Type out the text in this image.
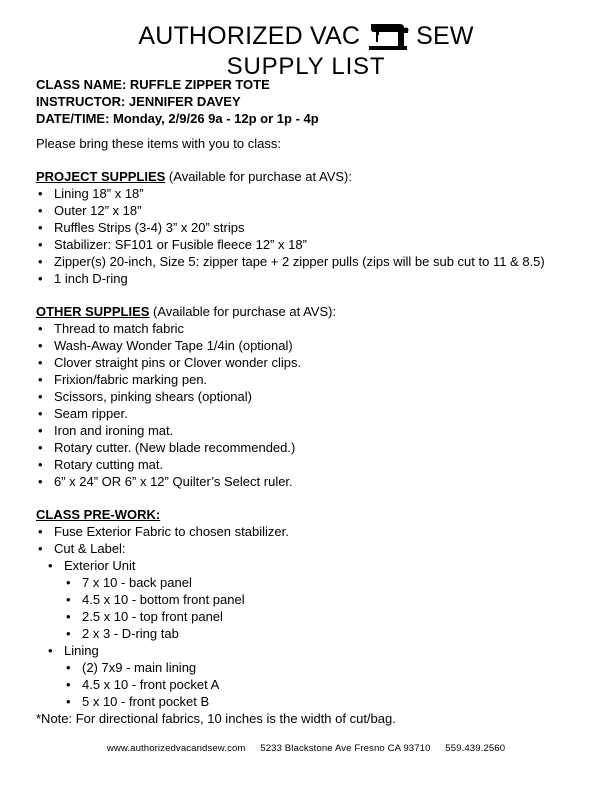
AUTHORIZED VAC SEW
SUPPLY LIST
CLASS NAME: RUFFLE ZIPPER TOTE
INSTRUCTOR: JENNIFER DAVEY
DATE/TIME: Monday, 2/9/26 9a - 12p or 1p - 4p
Please bring these items with you to class:
PROJECT SUPPLIES (Available for purchase at AVS):
• Lining 18” x 18”
• Outer 12” x 18”
• Ruffles Strips (3-4) 3” x 20” strips
• Stabilizer: SF101 or Fusible fleece 12” x 18”
• Zipper(s) 20-inch, Size 5: zipper tape + 2 zipper pulls (zips will be sub cut to 11 & 8.5)
• 1 inch D-ring
OTHER SUPPLIES (Available for purchase at AVS):
• Thread to match fabric
• Wash-Away Wonder Tape 1/4in (optional)
• Clover straight pins or Clover wonder clips.
• Frixion/fabric marking pen.
• Scissors, pinking shears (optional)
• Seam ripper.
• Iron and ironing mat.
• Rotary cutter. (New blade recommended.)
• Rotary cutting mat.
• 6” x 24” OR 6” x 12” Quilter’s Select ruler.
CLASS PRE-WORK:
• Fuse Exterior Fabric to chosen stabilizer.
• Cut & Label:
• Exterior Unit
• 7 x 10 - back panel
• 4.5 x 10 - bottom front panel
• 2.5 x 10 - top front panel
• 2 x 3 - D-ring tab
• Lining
• (2) 7x9 - main lining
• 4.5 x 10 - front pocket A
• 5 x 10 - front pocket B
*Note: For directional fabrics, 10 inches is the width of cut/bag.
www.authorizedvacandsew.com 5233 Blackstone Ave Fresno CA 93710 559.439.2560
